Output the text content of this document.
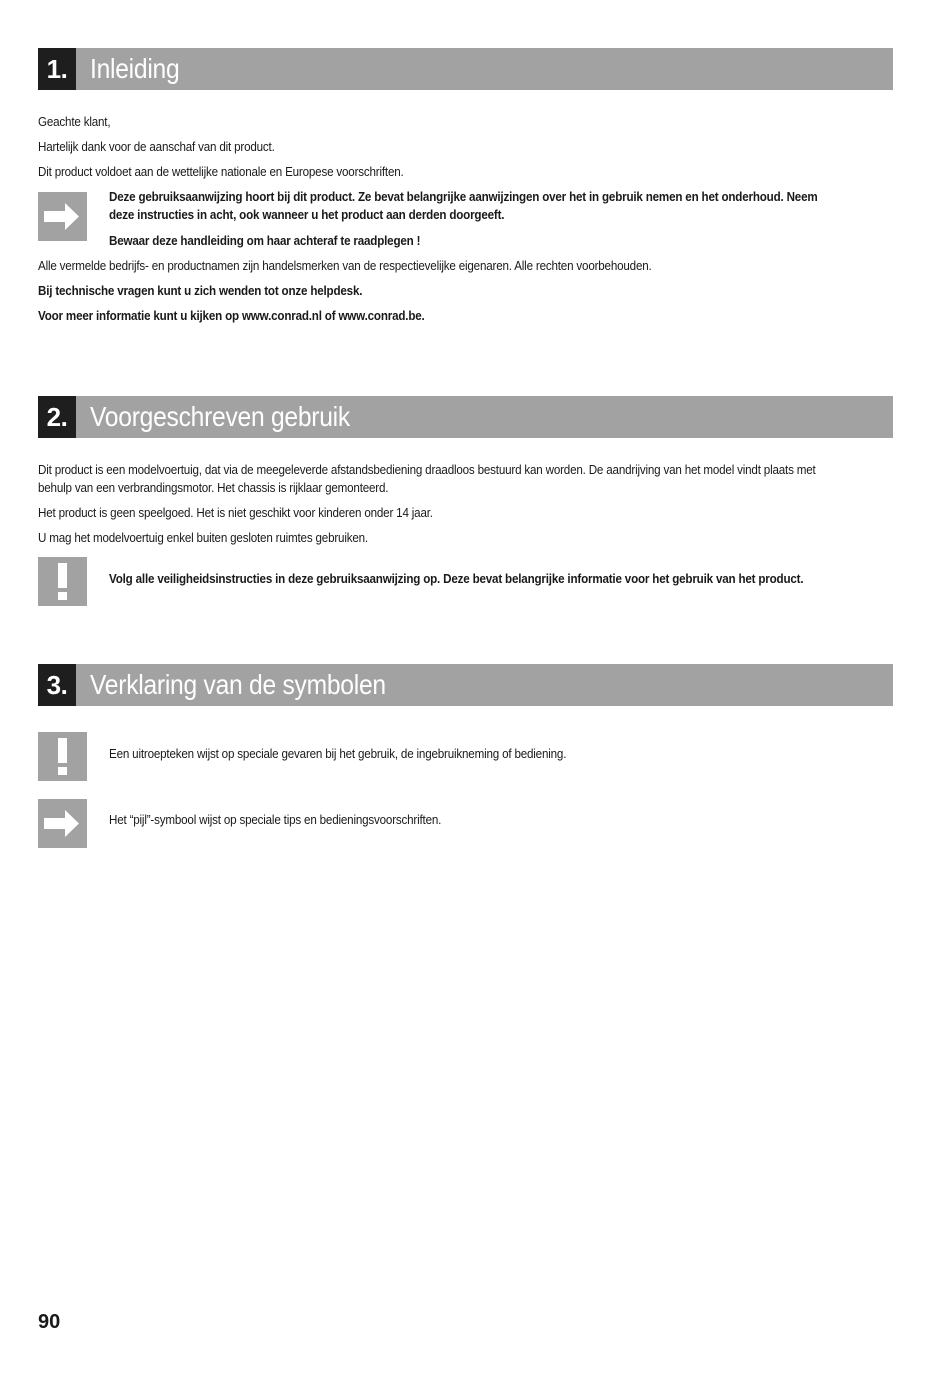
1. Inleiding

Geachte klant,

Hartelijk dank voor de aanschaf van dit product.

Dit product voldoet aan de wettelijke nationale en Europese voorschriften.

Deze gebruiksaanwijzing hoort bij dit product. Ze bevat belangrijke aanwijzingen over het in gebruik nemen en het onderhoud. Neem

deze instructies in acht, ook wanneer u het product aan derden doorgeeft.

Bewaar deze handleiding om haar achteraf te raadplegen !

Alle vermelde bedrijfs- en productnamen zijn handelsmerken van de respectievelijke eigenaren. Alle rechten voorbehouden.

Bij technische vragen kunt u zich wenden tot onze helpdesk.

Voor meer informatie kunt u kijken op www.conrad.nl of www.conrad.be.

2. Voorgeschreven gebruik

Dit product is een modelvoertuig, dat via de meegeleverde afstandsbediening draadloos bestuurd kan worden. De aandrijving van het model vindt plaats met

behulp van een verbrandingsmotor. Het chassis is rijklaar gemonteerd.

Het product is geen speelgoed. Het is niet geschikt voor kinderen onder 14 jaar.

U mag het modelvoertuig enkel buiten gesloten ruimtes gebruiken.

Volg alle veiligheidsinstructies in deze gebruiksaanwijzing op. Deze bevat belangrijke informatie voor het gebruik van het product.

3. Verklaring van de symbolen

Een uitroepteken wijst op speciale gevaren bij het gebruik, de ingebruikneming of bediening.

Het “pijl”-symbool wijst op speciale tips en bedieningsvoorschriften.

90
